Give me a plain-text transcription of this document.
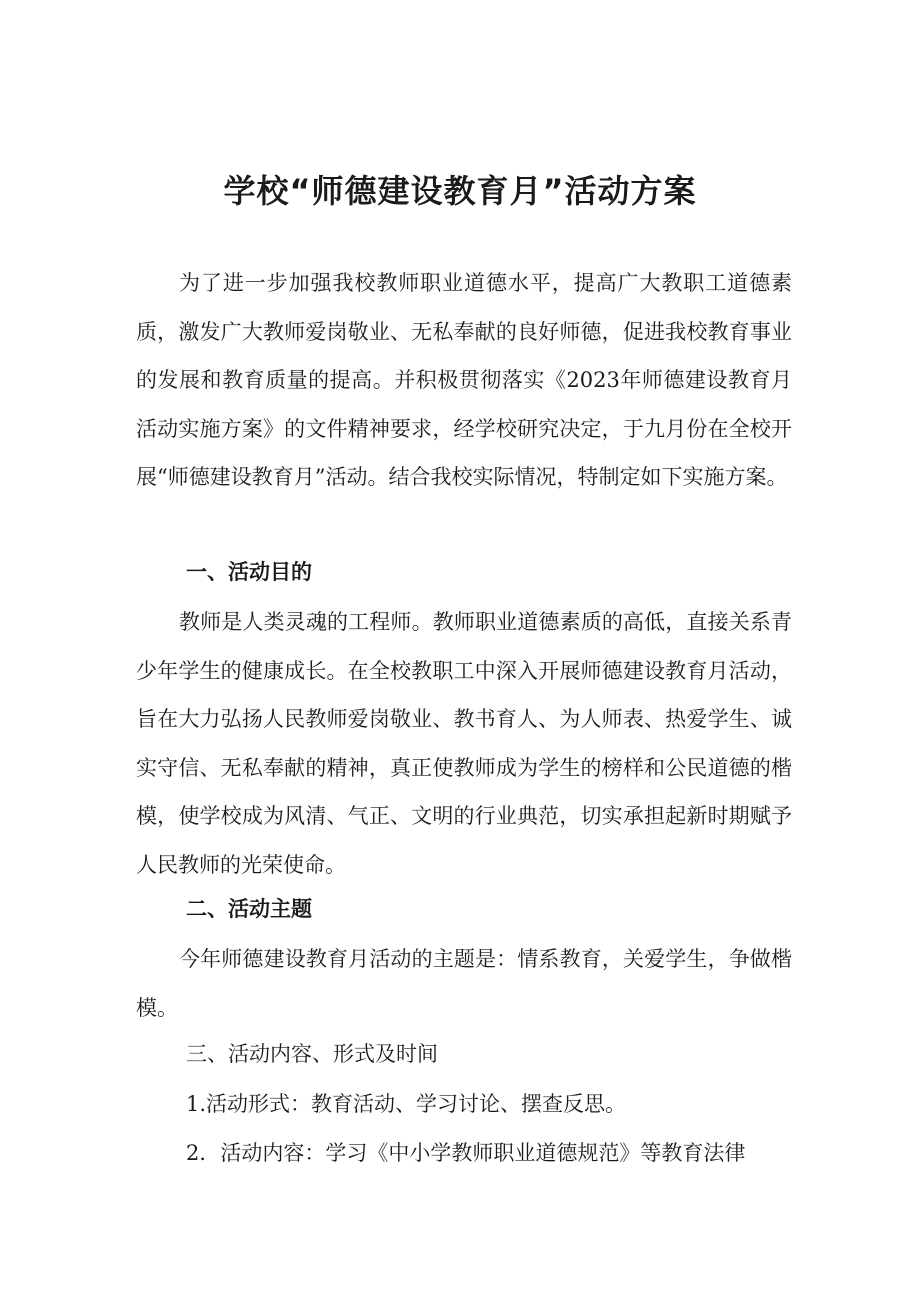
学校“师德建设教育月”活动方案

为了进一步加强我校教师职业道德水平，提高广大教职工道德素质，激发广大教师爱岗敬业、无私奉献的良好师德，促进我校教育事业的发展和教育质量的提高。并积极贯彻落实《2023年师德建设教育月活动实施方案》的文件精神要求，经学校研究决定，于九月份在全校开展“师德建设教育月”活动。结合我校实际情况，特制定如下实施方案。

一、活动目的

教师是人类灵魂的工程师。教师职业道德素质的高低，直接关系青少年学生的健康成长。在全校教职工中深入开展师德建设教育月活动，旨在大力弘扬人民教师爱岗敬业、教书育人、为人师表、热爱学生、诚实守信、无私奉献的精神，真正使教师成为学生的榜样和公民道德的楷模，使学校成为风清、气正、文明的行业典范，切实承担起新时期赋予人民教师的光荣使命。

二、活动主题

今年师德建设教育月活动的主题是：情系教育，关爱学生，争做楷模。

三、活动内容、形式及时间

1.活动形式：教育活动、学习讨论、摆查反思。

2．活动内容：学习《中小学教师职业道德规范》等教育法律
